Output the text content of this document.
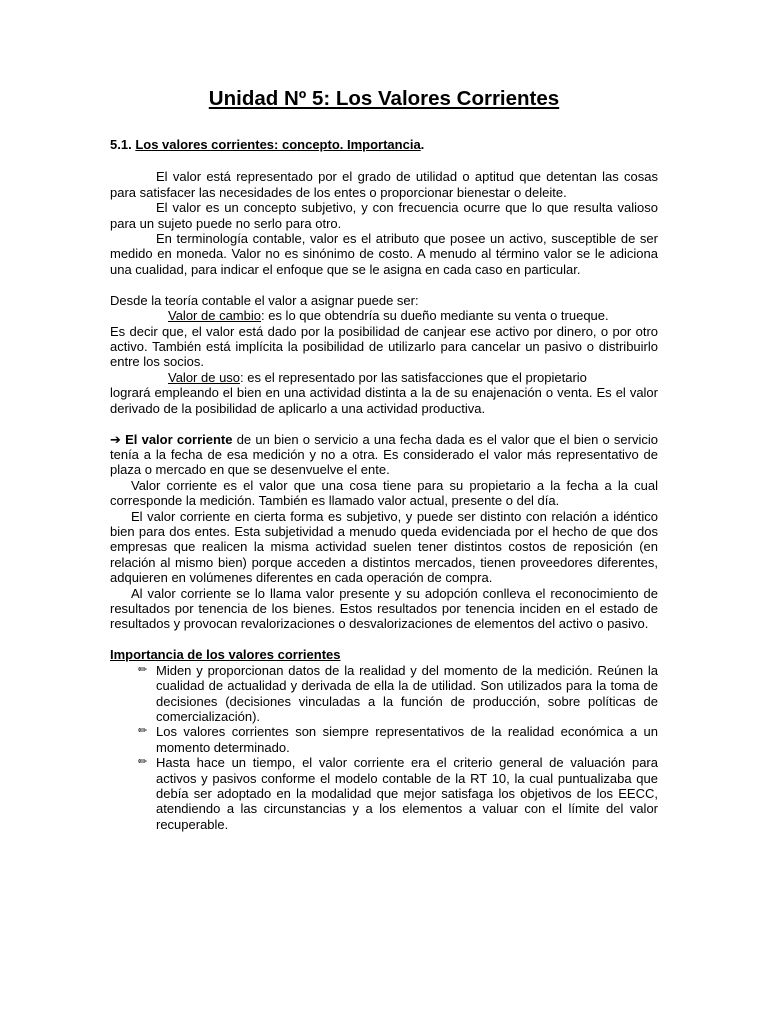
Unidad Nº 5: Los Valores Corrientes

5.1. Los valores corrientes: concepto. Importancia.

El valor está representado por el grado de utilidad o aptitud que detentan las cosas para satisfacer las necesidades de los entes o proporcionar bienestar o deleite.

El valor es un concepto subjetivo, y con frecuencia ocurre que lo que resulta valioso para un sujeto puede no serlo para otro.

En terminología contable, valor es el atributo que posee un activo, susceptible de ser medido en moneda. Valor no es sinónimo de costo. A menudo al término valor se le adiciona una cualidad, para indicar el enfoque que se le asigna en cada caso en particular.

Desde la teoría contable el valor a asignar puede ser:

Valor de cambio: es lo que obtendría su dueño mediante su venta o trueque.

Es decir que, el valor está dado por la posibilidad de canjear ese activo por dinero, o por otro activo. También está implícita la posibilidad de utilizarlo para cancelar un pasivo o distribuirlo entre los socios.

Valor de uso: es el representado por las satisfacciones que el propietario

logrará empleando el bien en una actividad distinta a la de su enajenación o venta. Es el valor derivado de la posibilidad de aplicarlo a una actividad productiva.

➔ El valor corriente de un bien o servicio a una fecha dada es el valor que el bien o servicio tenía a la fecha de esa medición y no a otra. Es considerado el valor más representativo de plaza o mercado en que se desenvuelve el ente.

Valor corriente es el valor que una cosa tiene para su propietario a la fecha a la cual corresponde la medición. También es llamado valor actual, presente o del día.

El valor corriente en cierta forma es subjetivo, y puede ser distinto con relación a idéntico bien para dos entes. Esta subjetividad a menudo queda evidenciada por el hecho de que dos empresas que realicen la misma actividad suelen tener distintos costos de reposición (en relación al mismo bien) porque acceden a distintos mercados, tienen proveedores diferentes, adquieren en volúmenes diferentes en cada operación de compra.

Al valor corriente se lo llama valor presente y su adopción conlleva el reconocimiento de resultados por tenencia de los bienes. Estos resultados por tenencia inciden en el estado de resultados y provocan revalorizaciones o desvalorizaciones de elementos del activo o pasivo.

Importancia de los valores corrientes

✏ Miden y proporcionan datos de la realidad y del momento de la medición. Reúnen la cualidad de actualidad y derivada de ella la de utilidad. Son utilizados para la toma de decisiones (decisiones vinculadas a la función de producción, sobre políticas de comercialización).
✏ Los valores corrientes son siempre representativos de la realidad económica a un momento determinado.
✏ Hasta hace un tiempo, el valor corriente era el criterio general de valuación para activos y pasivos conforme el modelo contable de la RT 10, la cual puntualizaba que debía ser adoptado en la modalidad que mejor satisfaga los objetivos de los EECC, atendiendo a las circunstancias y a los elementos a valuar con el límite del valor recuperable.
